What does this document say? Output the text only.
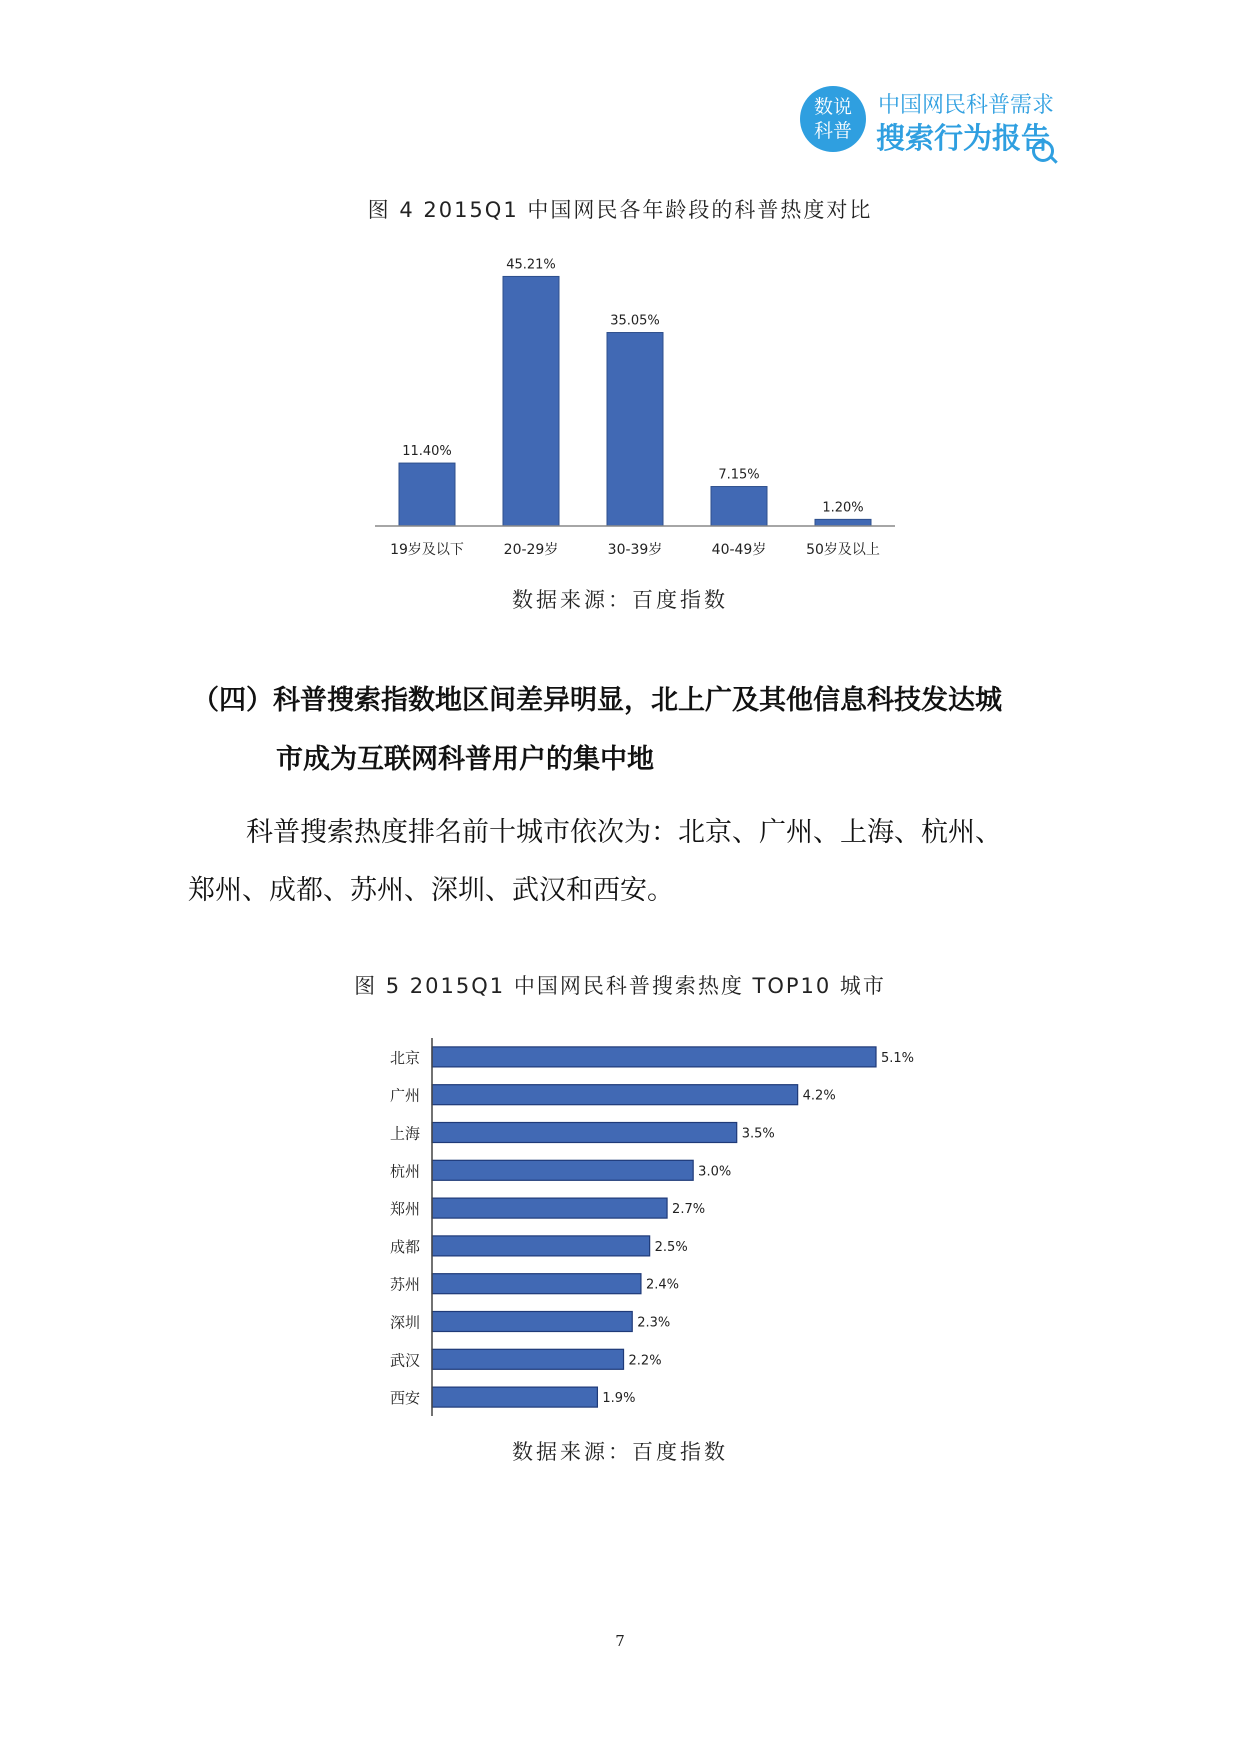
数说
科普
中国网民科普需求
搜索行为报告
图 4 2015Q1 中国网民各年龄段的科普热度对比
11.40%
19岁及以下
45.21%
20-29岁
35.05%
30-39岁
7.15%
40-49岁
1.20%
50岁及以上
数据来源：百度指数
（四）科普搜索指数地区间差异明显，北上广及其他信息科技发达城
市成为互联网科普用户的集中地
科普搜索热度排名前十城市依次为：北京、广州、上海、杭州、
郑州、成都、苏州、深圳、武汉和西安。
图 5 2015Q1 中国网民科普搜索热度 TOP10 城市
5.1%
北京
4.2%
广州
3.5%
上海
3.0%
杭州
2.7%
郑州
2.5%
成都
2.4%
苏州
2.3%
深圳
2.2%
武汉
1.9%
西安
数据来源：百度指数
7
